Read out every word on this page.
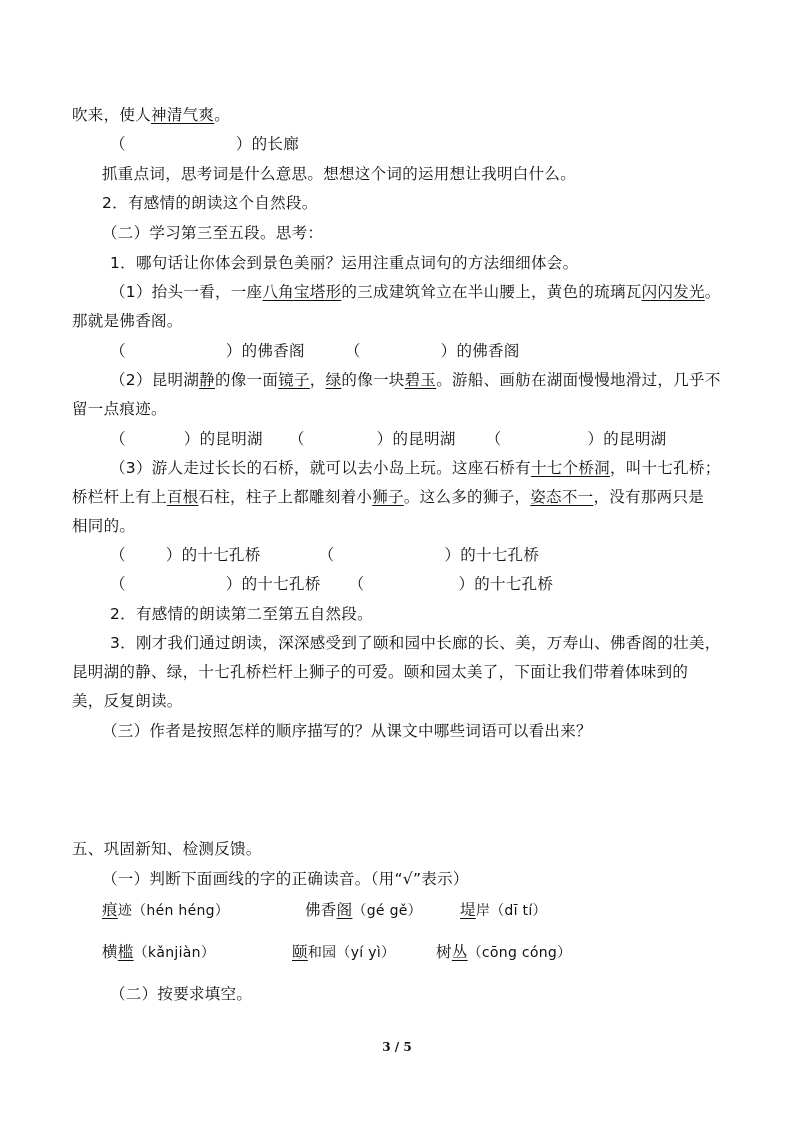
吹来，使人神清气爽。
（	）的长廊
抓重点词，思考词是什么意思。想想这个词的运用想让我明白什么。
2．有感情的朗读这个自然段。
（二）学习第三至五段。思考：
1．哪句话让你体会到景色美丽？运用注重点词句的方法细细体会。
（1）抬头一看，一座八角宝塔形的三成建筑耸立在半山腰上，黄色的琉璃瓦闪闪发光。
那就是佛香阁。
（	）的佛香阁	（	）的佛香阁
（2）昆明湖静的像一面镜子，绿的像一块碧玉。游船、画舫在湖面慢慢地滑过，几乎不
留一点痕迹。
（	）的昆明湖 （	）的昆明湖 （	）的昆明湖
（3）游人走过长长的石桥，就可以去小岛上玩。这座石桥有十七个桥洞，叫十七孔桥；
桥栏杆上有上百根石柱，柱子上都雕刻着小狮子。这么多的狮子，姿态不一，没有那两只是
相同的。
（	）的十七孔桥	（	）的十七孔桥
（	）的十七孔桥 （	）的十七孔桥
2．有感情的朗读第二至第五自然段。
3．刚才我们通过朗读，深深感受到了颐和园中长廊的长、美，万寿山、佛香阁的壮美，
昆明湖的静、绿，十七孔桥栏杆上狮子的可爱。颐和园太美了，下面让我们带着体味到的
美，反复朗读。
（三）作者是按照怎样的顺序描写的？从课文中哪些词语可以看出来？
五、巩固新知、检测反馈。
（一）判断下面画线的字的正确读音。（用“√”表示）
痕迹（hén héng）	佛香阁（gé gě） 堤岸（dī tí）
横槛（kǎnjiàn）	颐和园（yí yì）	树丛（cōng cóng）
（二）按要求填空。
3 / 5
